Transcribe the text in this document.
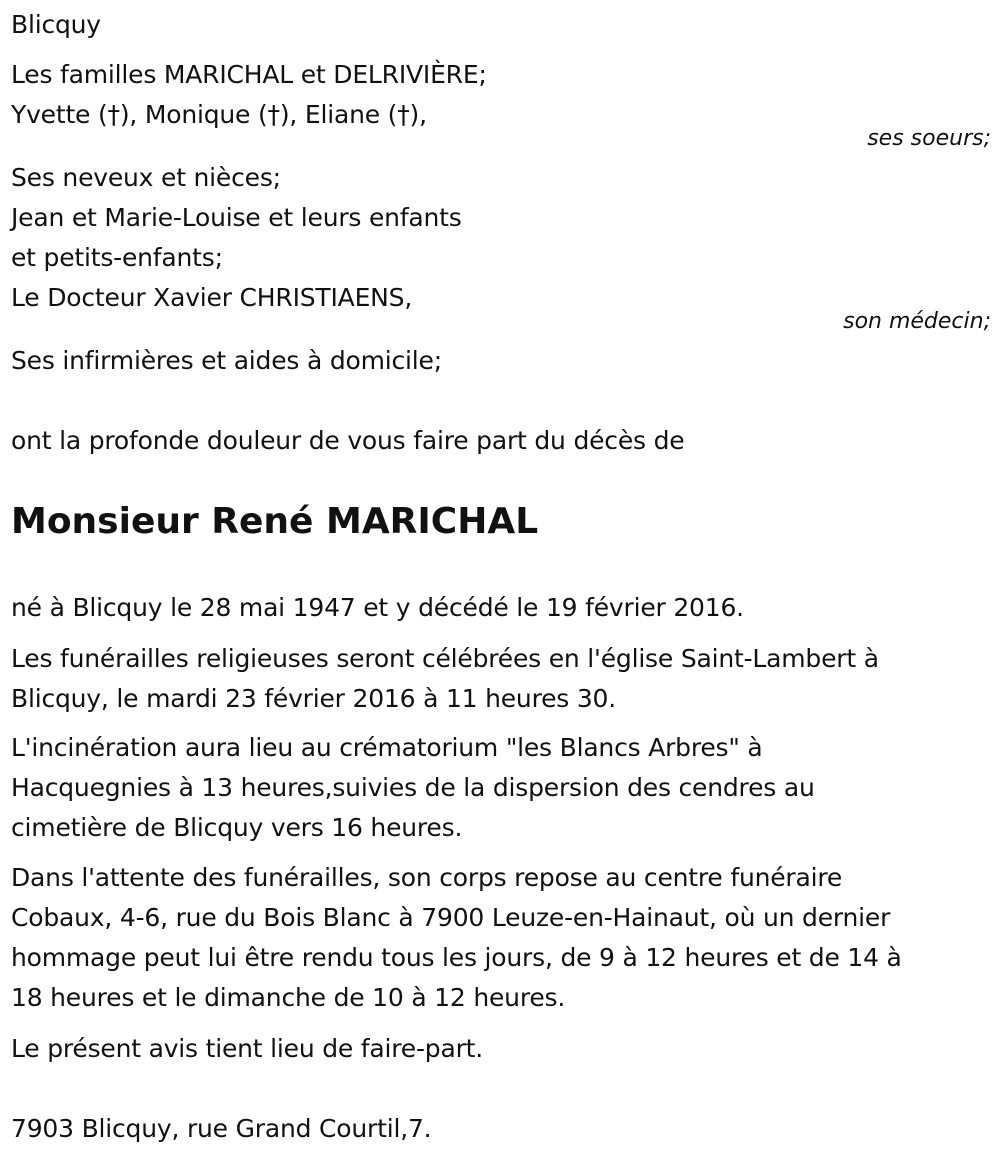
Blicquy
Les familles MARICHAL et DELRIVIÈRE;
Yvette (†), Monique (†), Eliane (†),
ses soeurs;
Ses neveux et nièces;
Jean et Marie-Louise et leurs enfants
et petits-enfants;
Le Docteur Xavier CHRISTIAENS,
son médecin;
Ses infirmières et aides à domicile;
ont la profonde douleur de vous faire part du décès de
Monsieur René MARICHAL
né à Blicquy le 28 mai 1947 et y décédé le 19 février 2016.
Les funérailles religieuses seront célébrées en l'église Saint-Lambert à
Blicquy, le mardi 23 février 2016 à 11 heures 30.
L'incinération aura lieu au crématorium "les Blancs Arbres" à
Hacquegnies à 13 heures,suivies de la dispersion des cendres au
cimetière de Blicquy vers 16 heures.
Dans l'attente des funérailles, son corps repose au centre funéraire
Cobaux, 4-6, rue du Bois Blanc à 7900 Leuze-en-Hainaut, où un dernier
hommage peut lui être rendu tous les jours, de 9 à 12 heures et de 14 à
18 heures et le dimanche de 10 à 12 heures.
Le présent avis tient lieu de faire-part.
7903 Blicquy, rue Grand Courtil,7.
